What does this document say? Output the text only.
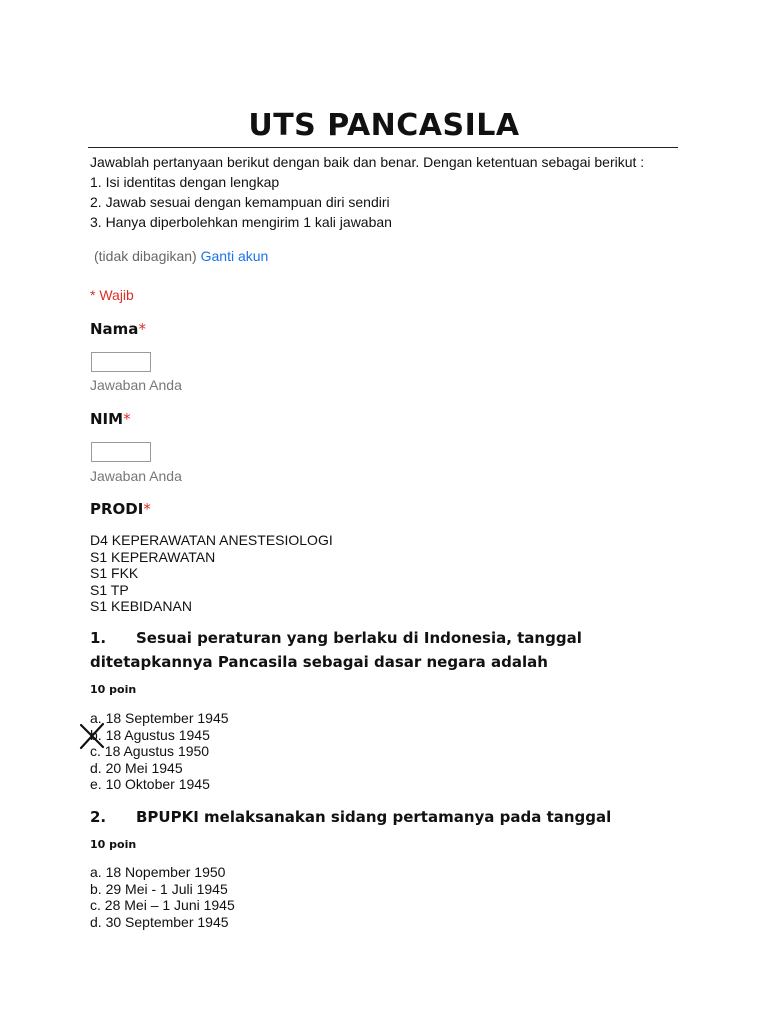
UTS PANCASILA
Jawablah pertanyaan berikut dengan baik dan benar. Dengan ketentuan sebagai berikut :
1. Isi identitas dengan lengkap
2. Jawab sesuai dengan kemampuan diri sendiri
3. Hanya diperbolehkan mengirim 1 kali jawaban
(tidak dibagikan) Ganti akun
* Wajib
Nama*
Jawaban Anda
NIM*
Jawaban Anda
PRODI*
D4 KEPERAWATAN ANESTESIOLOGI
S1 KEPERAWATAN
S1 FKK
S1 TP
S1 KEBIDANAN
1. Sesuai peraturan yang berlaku di Indonesia, tanggal
ditetapkannya Pancasila sebagai dasar negara adalah
10 poin
a. 18 September 1945
b. 18 Agustus 1945
c. 18 Agustus 1950
d. 20 Mei 1945
e. 10 Oktober 1945
2. BPUPKI melaksanakan sidang pertamanya pada tanggal
10 poin
a. 18 Nopember 1950
b. 29 Mei - 1 Juli 1945
c. 28 Mei – 1 Juni 1945
d. 30 September 1945
